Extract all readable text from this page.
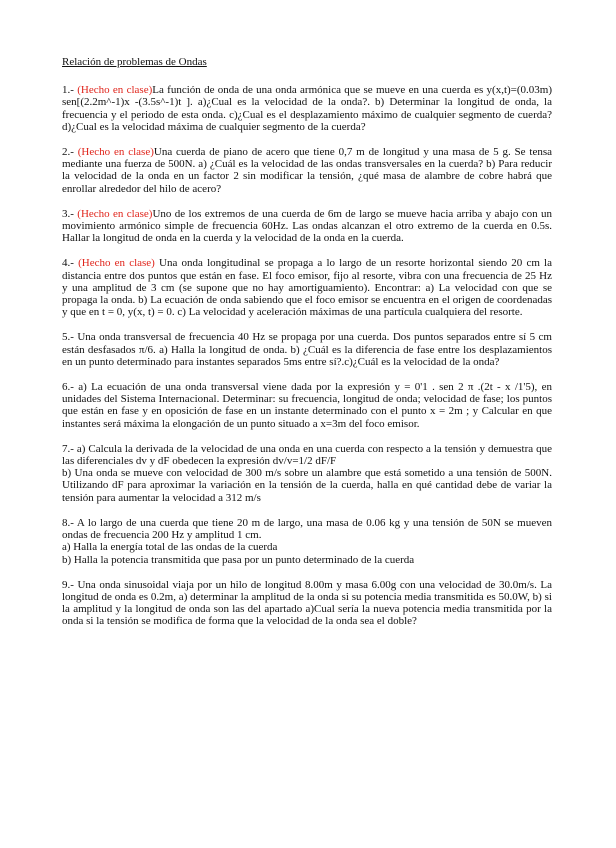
Relación de problemas de Ondas
1.- (Hecho en clase)La función de onda de una onda armónica que se mueve en una cuerda es y(x,t)=(0.03m) sen[(2.2m^-1)x -(3.5s^-1)t ]. a)¿Cual es la velocidad de la onda?. b) Determinar la longitud de onda, la frecuencia y el periodo de esta onda. c)¿Cual es el desplazamiento máximo de cualquier segmento de cuerda?d)¿Cual es la velocidad máxima de cualquier segmento de la cuerda?
2.- (Hecho en clase)Una cuerda de piano de acero que tiene 0,7 m de longitud y una masa de 5 g. Se tensa mediante una fuerza de 500N. a) ¿Cuál es la velocidad de las ondas transversales en la cuerda? b) Para reducir la velocidad de la onda en un factor 2 sin modificar la tensión, ¿qué masa de alambre de cobre habrá que enrollar alrededor del hilo de acero?
3.- (Hecho en clase)Uno de los extremos de una cuerda de 6m de largo se mueve hacia arriba y abajo con un movimiento armónico simple de frecuencia 60Hz. Las ondas alcanzan el otro extremo de la cuerda en 0.5s. Hallar la longitud de onda en la cuerda y la velocidad de la onda en la cuerda.
4.- (Hecho en clase) Una onda longitudinal se propaga a lo largo de un resorte horizontal siendo 20 cm la distancia entre dos puntos que están en fase. El foco emisor, fijo al resorte, vibra con una frecuencia de 25 Hz y una amplitud de 3 cm (se supone que no hay amortiguamiento). Encontrar: a) La velocidad con que se propaga la onda. b) La ecuación de onda sabiendo que el foco emisor se encuentra en el origen de coordenadas y que en t = 0, y(x, t) = 0. c) La velocidad y aceleración máximas de una partícula cualquiera del resorte.
5.- Una onda transversal de frecuencia 40 Hz se propaga por una cuerda. Dos puntos separados entre sí 5 cm están desfasados π/6. a) Halla la longitud de onda. b) ¿Cuál es la diferencia de fase entre los desplazamientos en un punto determinado para instantes separados 5ms entre sí?.c)¿Cuál es la velocidad de la onda?
6.- a) La ecuación de una onda transversal viene dada por la expresión y = 0'1 . sen 2 π .(2t - x /1'5), en unidades del Sistema Internacional. Determinar: su frecuencia, longitud de onda; velocidad de fase; los puntos que están en fase y en oposición de fase en un instante determinado con el punto x = 2m ; y Calcular en que instantes será máxima la elongación de un punto situado a x=3m del foco emisor.
7.- a) Calcula la derivada de la velocidad de una onda en una cuerda con respecto a la tensión y demuestra que las diferenciales dv y dF obedecen la expresión dv/v=1/2 dF/F
b) Una onda se mueve con velocidad de 300 m/s sobre un alambre que está sometido a una tensión de 500N. Utilizando dF para aproximar la variación en la tensión de la cuerda, halla en qué cantidad debe de variar la tensión para aumentar la velocidad a 312 m/s
8.- A lo largo de una cuerda que tiene 20 m de largo, una masa de 0.06 kg y una tensión de 50N se mueven ondas de frecuencia 200 Hz y amplitud 1 cm.
a) Halla la energía total de las ondas de la cuerda
b) Halla la potencia transmitida que pasa por un punto determinado de la cuerda
9.- Una onda sinusoidal viaja por un hilo de longitud 8.00m y masa 6.00g con una velocidad de 30.0m/s. La longitud de onda es 0.2m, a) determinar la amplitud de la onda si su potencia media transmitida es 50.0W, b) si la amplitud y la longitud de onda son las del apartado a)Cual sería la nueva potencia media transmitida por la onda si la tensión se modifica de forma que la velocidad de la onda sea el doble?
